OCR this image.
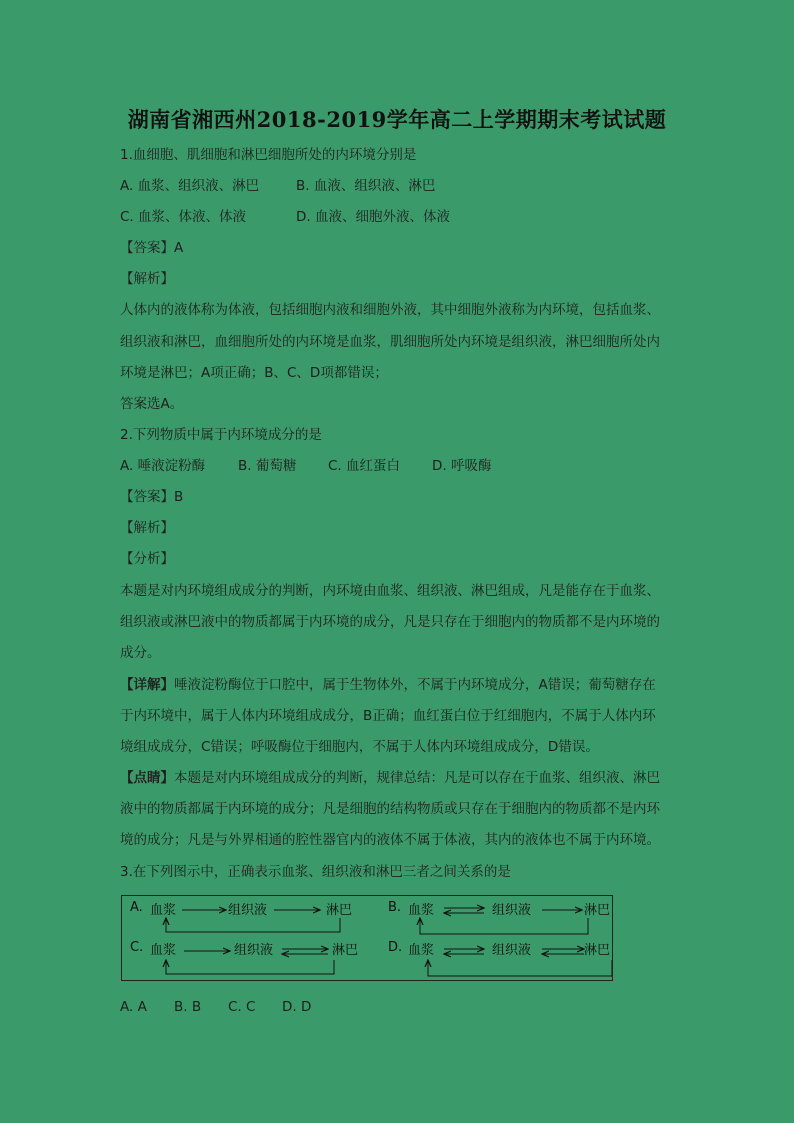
湖南省湘西州2018-2019学年高二上学期期末考试试题
1.血细胞、肌细胞和淋巴细胞所处的内环境分别是
A. 血浆、组织液、淋巴	B. 血液、组织液、淋巴
C. 血浆、体液、体液	D. 血液、细胞外液、体液
【答案】A
【解析】
人体内的液体称为体液，包括细胞内液和细胞外液，其中细胞外液称为内环境，包括血浆、
组织液和淋巴，血细胞所处的内环境是血浆，肌细胞所处内环境是组织液，淋巴细胞所处内
环境是淋巴；A项正确；B、C、D项都错误；
答案选A。
2.下列物质中属于内环境成分的是
A. 唾液淀粉酶 B. 葡萄糖 C. 血红蛋白 D. 呼吸酶
【答案】B
【解析】
【分析】
本题是对内环境组成成分的判断，内环境由血浆、组织液、淋巴组成，凡是能存在于血浆、
组织液或淋巴液中的物质都属于内环境的成分，凡是只存在于细胞内的物质都不是内环境的
成分。
【详解】唾液淀粉酶位于口腔中，属于生物体外，不属于内环境成分，A错误；葡萄糖存在
于内环境中，属于人体内环境组成成分，B正确；血红蛋白位于红细胞内，不属于人体内环
境组成成分，C错误；呼吸酶位于细胞内，不属于人体内环境组成成分，D错误。
【点睛】本题是对内环境组成成分的判断，规律总结：凡是可以存在于血浆、组织液、淋巴
液中的物质都属于内环境的成分；凡是细胞的结构物质或只存在于细胞内的物质都不是内环
境的成分；凡是与外界相通的腔性器官内的液体不属于体液，其内的液体也不属于内环境。
3.在下列图示中，正确表示血浆、组织液和淋巴三者之间关系的是
A. 血浆	组织液	淋巴	B. 血浆	组织液	淋巴
C. 血浆	组织液	淋巴 D. 血浆	组织液	淋巴
A. A B. B C. C D. D
